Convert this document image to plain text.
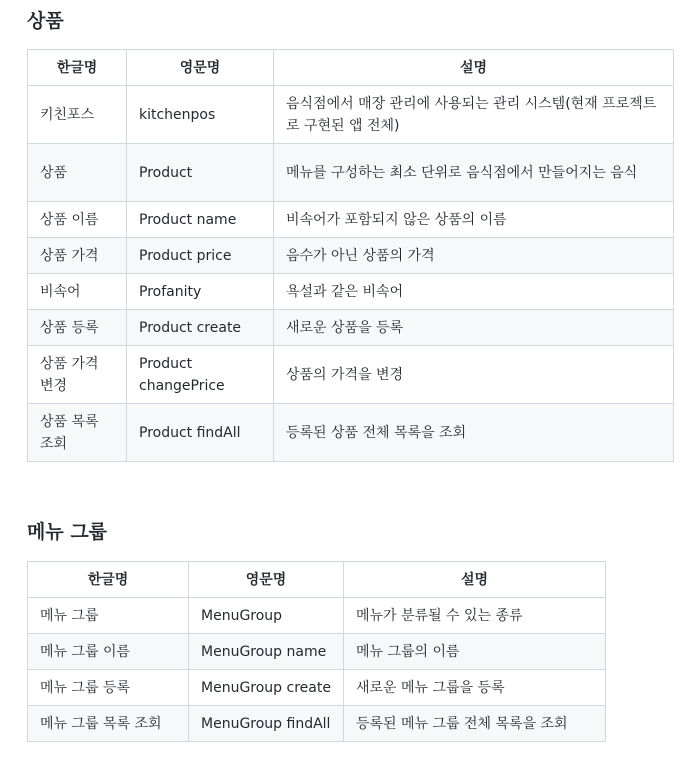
상품
한글명	영문명	설명
키친포스	kitchenpos	음식점에서 매장 관리에 사용되는 관리 시스템(현재 프로젝트로 구현된 앱 전체)
상품	Product	메뉴를 구성하는 최소 단위로 음식점에서 만들어지는 음식
상품 이름	Product name	비속어가 포함되지 않은 상품의 이름
상품 가격	Product price	음수가 아닌 상품의 가격
비속어	Profanity	욕설과 같은 비속어
상품 등록	Product create	새로운 상품을 등록
상품 가격 변경	Product changePrice	상품의 가격을 변경
상품 목록 조회	Product findAll	등록된 상품 전체 목록을 조회
메뉴 그룹
한글명	영문명	설명
메뉴 그룹	MenuGroup	메뉴가 분류될 수 있는 종류
메뉴 그룹 이름	MenuGroup name	메뉴 그룹의 이름
메뉴 그룹 등록	MenuGroup create	새로운 메뉴 그룹을 등록
메뉴 그룹 목록 조회	MenuGroup findAll	등록된 메뉴 그룹 전체 목록을 조회
